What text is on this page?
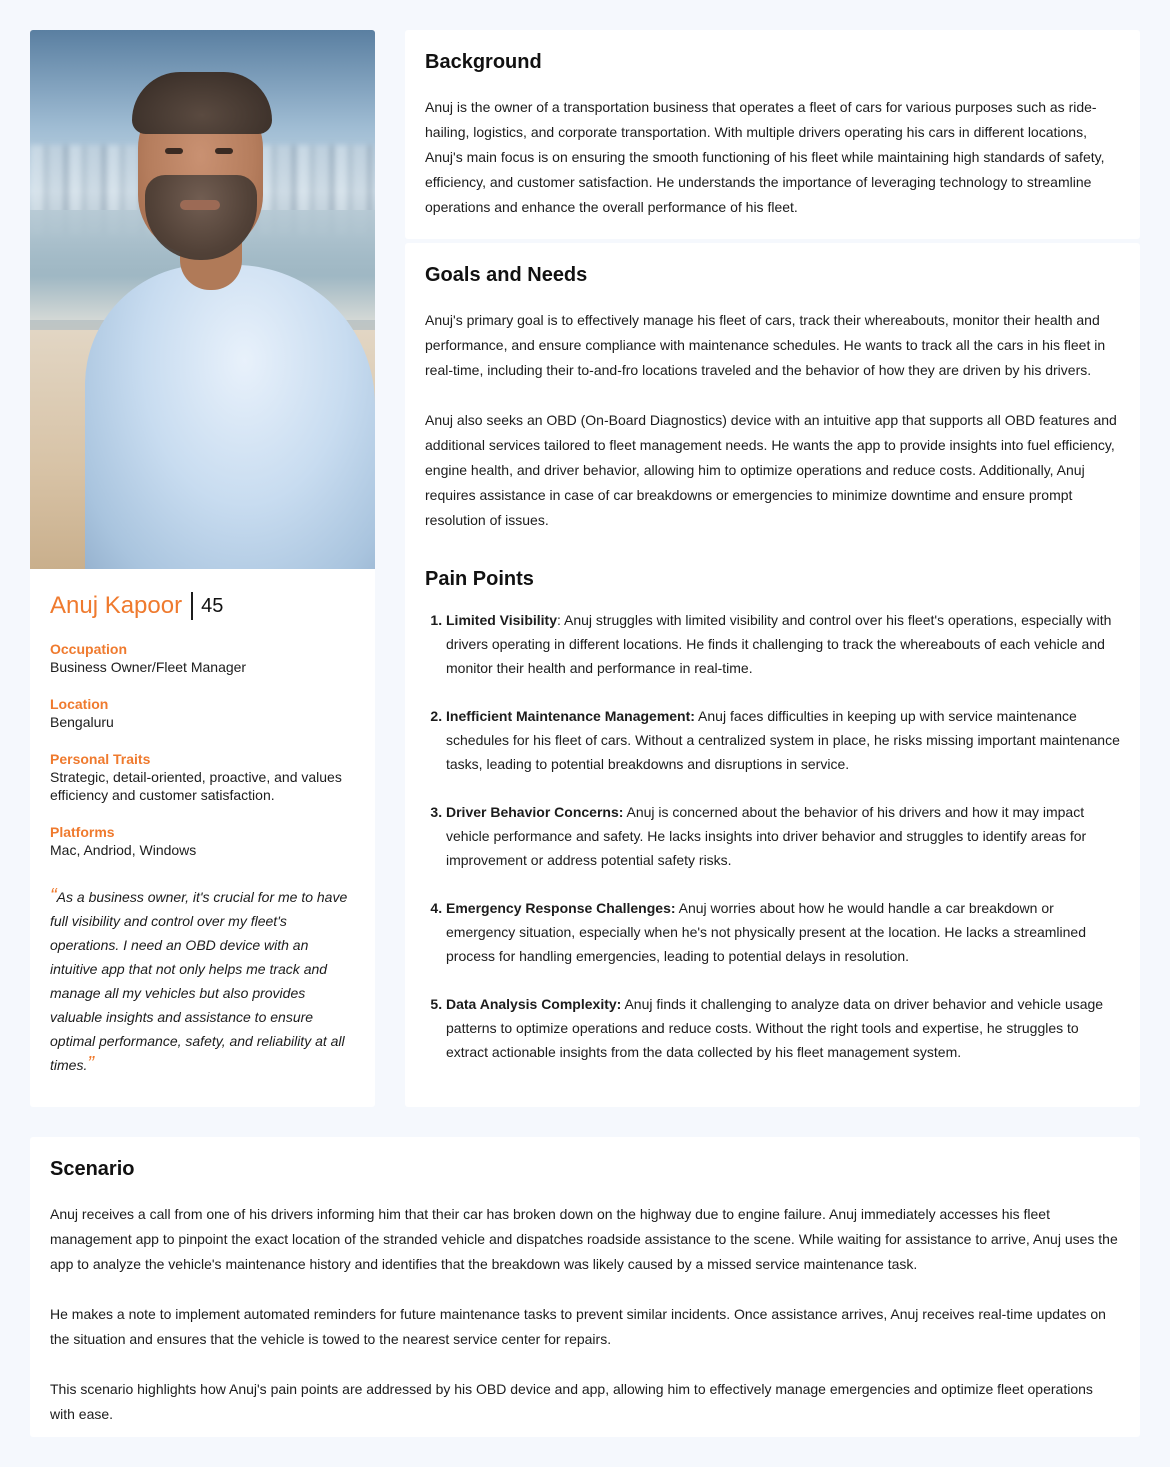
Anuj Kapoor 45
Occupation
Business Owner/Fleet Manager
Location
Bengaluru
Personal Traits
Strategic, detail-oriented, proactive, and values efficiency and customer satisfaction.
Platforms
Mac, Andriod, Windows
“As a business owner, it's crucial for me to have full visibility and control over my fleet's operations. I need an OBD device with an intuitive app that not only helps me track and manage all my vehicles but also provides valuable insights and assistance to ensure optimal performance, safety, and reliability at all times.”
Background

Anuj is the owner of a transportation business that operates a fleet of cars for various purposes such as ride-hailing, logistics, and corporate transportation. With multiple drivers operating his cars in different locations, Anuj's main focus is on ensuring the smooth functioning of his fleet while maintaining high standards of safety, efficiency, and customer satisfaction. He understands the importance of leveraging technology to streamline operations and enhance the overall performance of his fleet.

Goals and Needs

Anuj's primary goal is to effectively manage his fleet of cars, track their whereabouts, monitor their health and performance, and ensure compliance with maintenance schedules. He wants to track all the cars in his fleet in real-time, including their to-and-fro locations traveled and the behavior of how they are driven by his drivers.

Anuj also seeks an OBD (On-Board Diagnostics) device with an intuitive app that supports all OBD features and additional services tailored to fleet management needs. He wants the app to provide insights into fuel efficiency, engine health, and driver behavior, allowing him to optimize operations and reduce costs. Additionally, Anuj requires assistance in case of car breakdowns or emergencies to minimize downtime and ensure prompt resolution of issues.

Pain Points
1. Limited Visibility: Anuj struggles with limited visibility and control over his fleet's operations, especially with drivers operating in different locations. He finds it challenging to track the whereabouts of each vehicle and monitor their health and performance in real-time.
2. Inefficient Maintenance Management: Anuj faces difficulties in keeping up with service maintenance schedules for his fleet of cars. Without a centralized system in place, he risks missing important maintenance tasks, leading to potential breakdowns and disruptions in service.
3. Driver Behavior Concerns: Anuj is concerned about the behavior of his drivers and how it may impact vehicle performance and safety. He lacks insights into driver behavior and struggles to identify areas for improvement or address potential safety risks.
4. Emergency Response Challenges: Anuj worries about how he would handle a car breakdown or emergency situation, especially when he's not physically present at the location. He lacks a streamlined process for handling emergencies, leading to potential delays in resolution.
5. Data Analysis Complexity: Anuj finds it challenging to analyze data on driver behavior and vehicle usage patterns to optimize operations and reduce costs. Without the right tools and expertise, he struggles to extract actionable insights from the data collected by his fleet management system.
Scenario

Anuj receives a call from one of his drivers informing him that their car has broken down on the highway due to engine failure. Anuj immediately accesses his fleet management app to pinpoint the exact location of the stranded vehicle and dispatches roadside assistance to the scene. While waiting for assistance to arrive, Anuj uses the app to analyze the vehicle's maintenance history and identifies that the breakdown was likely caused by a missed service maintenance task.

He makes a note to implement automated reminders for future maintenance tasks to prevent similar incidents. Once assistance arrives, Anuj receives real-time updates on the situation and ensures that the vehicle is towed to the nearest service center for repairs.

This scenario highlights how Anuj's pain points are addressed by his OBD device and app, allowing him to effectively manage emergencies and optimize fleet operations with ease.
